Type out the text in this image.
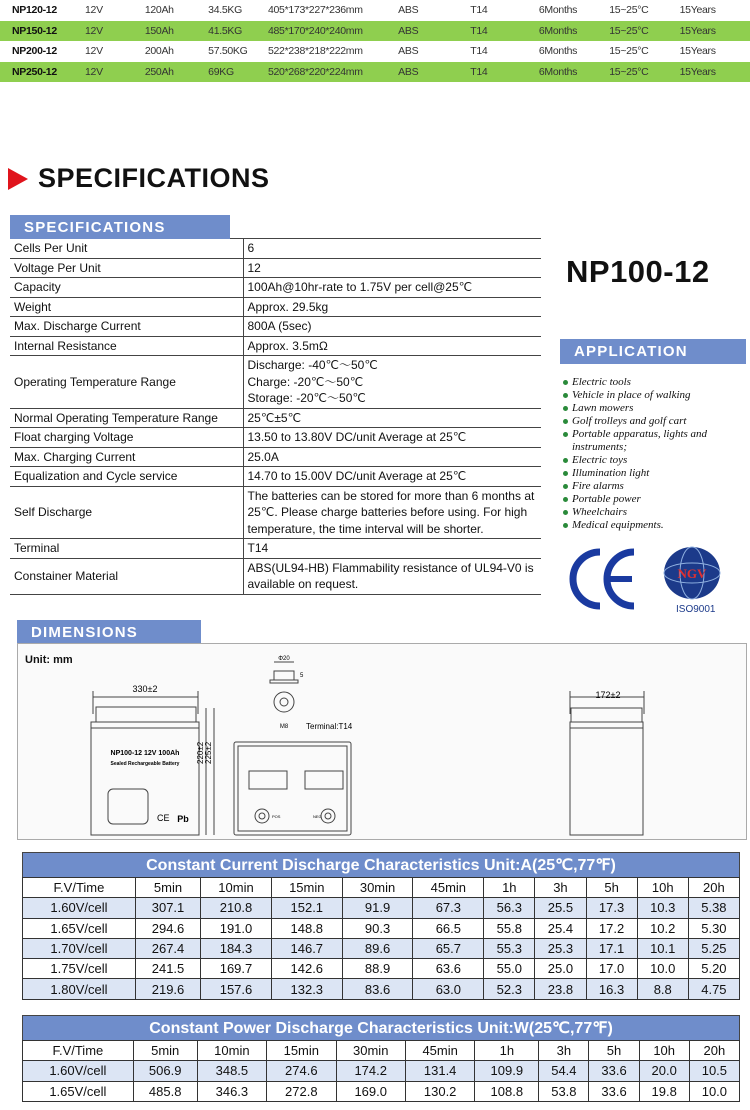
NP120-12	12V	120Ah	34.5KG	405*173*227*236mm	ABS	T14	6Months	15~25°C	15Years
NP150-12	12V	150Ah	41.5KG	485*170*240*240mm	ABS	T14	6Months	15~25°C	15Years
NP200-12	12V	200Ah	57.50KG	522*238*218*222mm	ABS	T14	6Months	15~25°C	15Years
NP250-12	12V	250Ah	69KG	520*268*220*224mm	ABS	T14	6Months	15~25°C	15Years
SPECIFICATIONS
SPECIFICATIONS
Cells Per Unit	6
Voltage Per Unit	12
Capacity	100Ah@10hr-rate to 1.75V per cell@25℃
Weight	Approx. 29.5kg
Max. Discharge Current	800A (5sec)
Internal Resistance	Approx. 3.5mΩ
Operating Temperature Range	Discharge: -40℃～50℃
Charge: -20℃～50℃
Storage: -20℃～50℃
Normal Operating Temperature Range	25℃±5℃
Float charging Voltage	13.50 to 13.80V DC/unit Average at 25℃
Max. Charging Current	25.0A
Equalization and Cycle service	14.70 to 15.00V DC/unit Average at 25℃
Self Discharge	The batteries can be stored for more than 6 months at 25℃. Please charge batteries before using. For high temperature, the time interval will be shorter.
Terminal	T14
Constainer Material	ABS(UL94-HB) Flammability resistance of UL94-V0 is available on request.
NP100-12
APPLICATION
Electric tools
Vehicle in place of walking
Lawn mowers
Golf trolleys and golf cart
Portable apparatus, lights and instruments;
Electric toys
Illumination light
Fire alarms
Portable power
Wheelchairs
Medical equipments.
NGV
ISO9001
DIMENSIONS
Unit: mm
330±2
172±2
220±2 225±2
Φ20
5
M8 Terminal:T14
NP100-12 12V 100Ah
Sealed Rechargeable Battery
Pb
CE	POS	NEG
Constant Current Discharge Characteristics Unit:A(25℃,77℉)
F.V/Time	5min	10min	15min	30min	45min	1h	3h	5h	10h	20h
1.60V/cell	307.1	210.8	152.1	91.9	67.3	56.3	25.5	17.3	10.3	5.38
1.65V/cell	294.6	191.0	148.8	90.3	66.5	55.8	25.4	17.2	10.2	5.30
1.70V/cell	267.4	184.3	146.7	89.6	65.7	55.3	25.3	17.1	10.1	5.25
1.75V/cell	241.5	169.7	142.6	88.9	63.6	55.0	25.0	17.0	10.0	5.20
1.80V/cell	219.6	157.6	132.3	83.6	63.0	52.3	23.8	16.3	8.8	4.75
Constant Power Discharge Characteristics Unit:W(25℃,77℉)
F.V/Time	5min	10min	15min	30min	45min	1h	3h	5h	10h	20h
1.60V/cell	506.9	348.5	274.6	174.2	131.4	109.9	54.4	33.6	20.0	10.5
1.65V/cell	485.8	346.3	272.8	169.0	130.2	108.8	53.8	33.6	19.8	10.0
